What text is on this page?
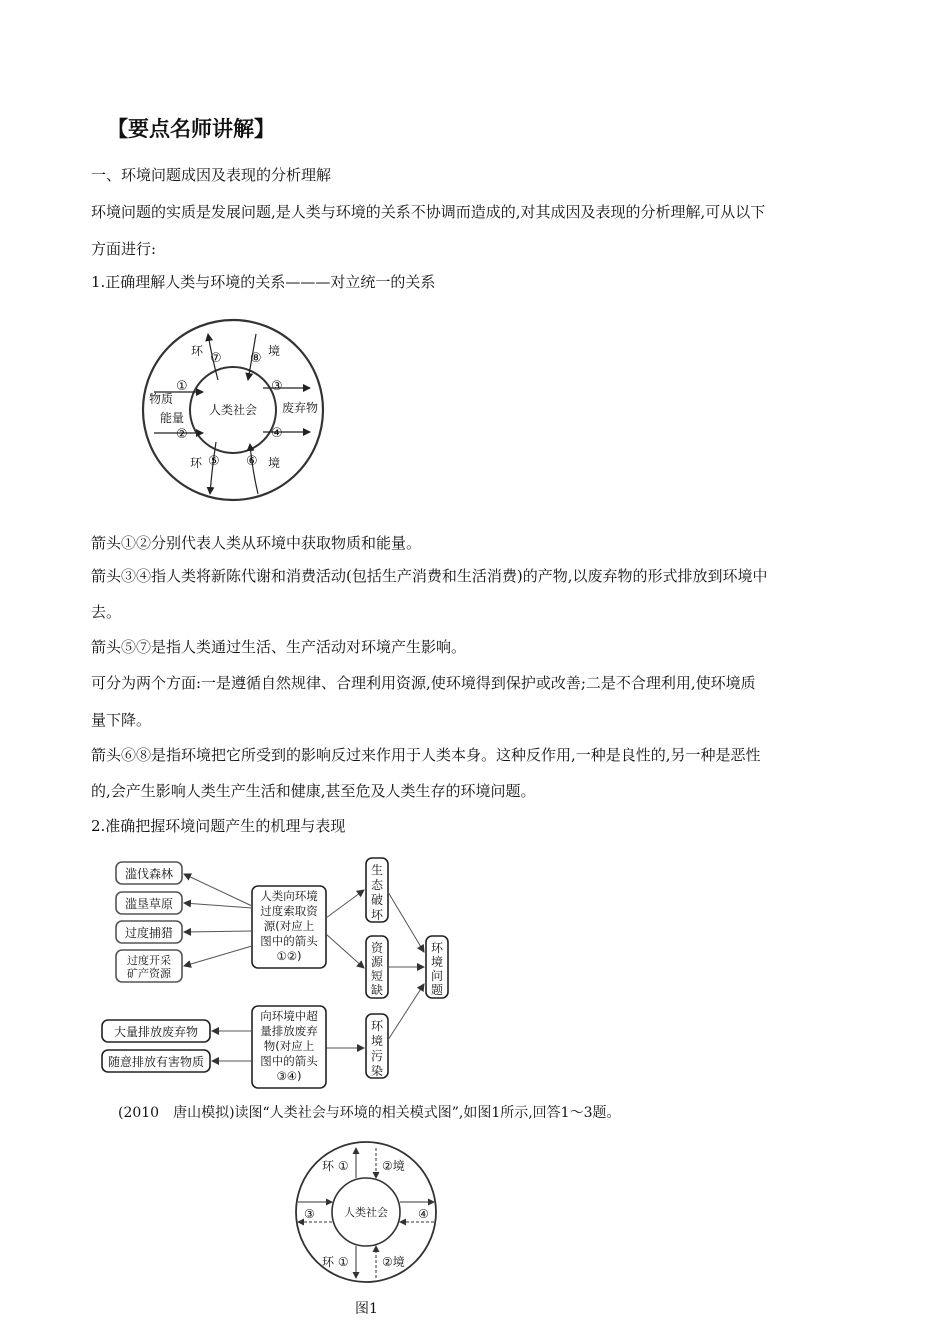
【要点名师讲解】
一、环境问题成因及表现的分析理解
环境问题的实质是发展问题,是人类与环境的关系不协调而造成的,对其成因及表现的分析理解,可从以下
方面进行:
1.正确理解人类与环境的关系———对立统一的关系
人类社会
环	境
环	境
物质
能量
废弃物
①
②
③
④
⑦ ⑧
⑤ ⑥
箭头①②分别代表人类从环境中获取物质和能量。
箭头③④指人类将新陈代谢和消费活动(包括生产消费和生活消费)的产物,以废弃物的形式排放到环境中
去。
箭头⑤⑦是指人类通过生活、生产活动对环境产生影响。
可分为两个方面:一是遵循自然规律、合理利用资源,使环境得到保护或改善;二是不合理利用,使环境质
量下降。
箭头⑥⑧是指环境把它所受到的影响反过来作用于人类本身。这种反作用,一种是良性的,另一种是恶性
的,会产生影响人类生产生活和健康,甚至危及人类生存的环境问题。
2.准确把握环境问题产生的机理与表现
滥伐森林
滥垦草原
过度捕猎
过度开采
矿产资源
人类向环境
过度索取资
源(对应上
图中的箭头
①②)
生
态
破
坏
资
源
短
缺
环
境
污
染
环
境
问
题
大量排放废弃物
随意排放有害物质
向环境中超
量排放废弃
物(对应上
图中的箭头
③④)
(2010　唐山模拟)读图“人类社会与环境的相关模式图”,如图1所示,回答1～3题。
人类社会
环 ①	②境
环 ①	②境
③	④
图1
